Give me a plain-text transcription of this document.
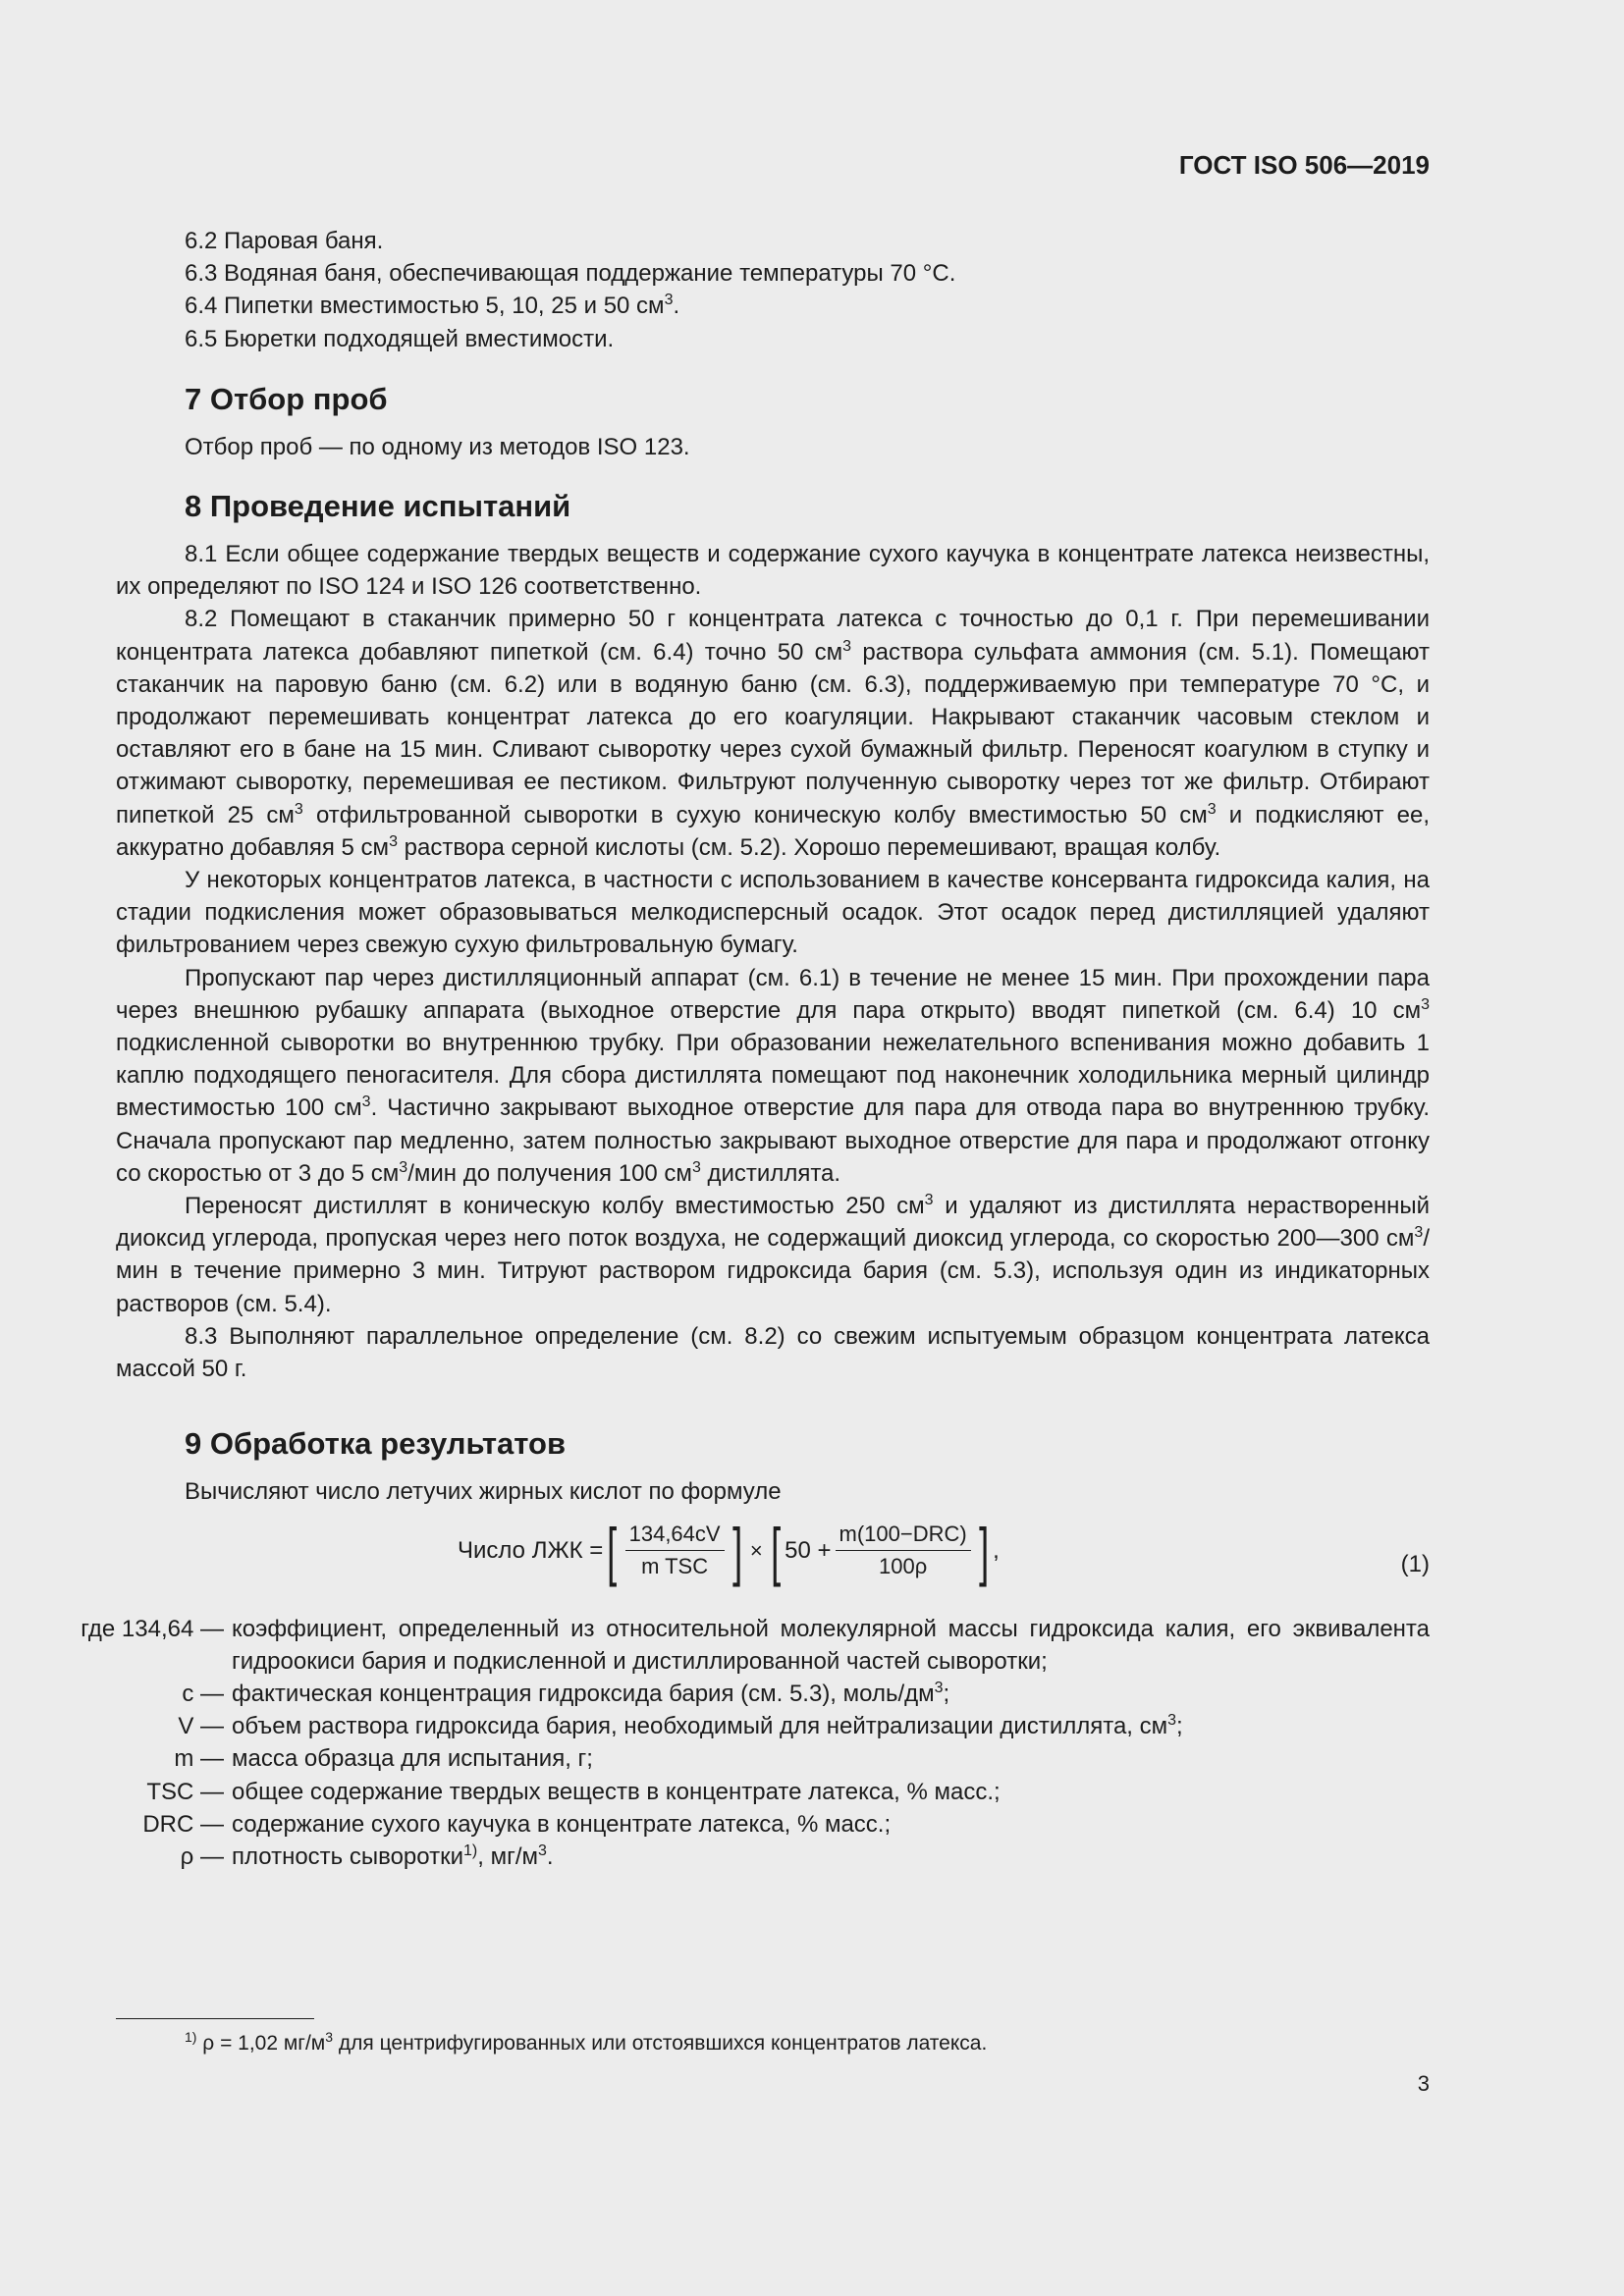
ГОСТ ISO 506—2019

6.2 Паровая баня.

6.3 Водяная баня, обеспечивающая поддержание температуры 70 °С.

6.4 Пипетки вместимостью 5, 10, 25 и 50 $см^3$.

6.5 Бюретки подходящей вместимости.

7 Отбор проб

Отбор проб — по одному из методов ISO 123.

8 Проведение испытаний

8.1 Если общее содержание твердых веществ и содержание сухого каучука в концентрате латекса неизвестны, их определяют по ISO 124 и ISO 126 соответственно.

8.2 Помещают в стаканчик примерно 50 г концентрата латекса с точностью до 0,1 г. При перемешивании концентрата латекса добавляют пипеткой (см. 6.4) точно 50 $см^3$ раствора сульфата аммония (см. 5.1). Помещают стаканчик на паровую баню (см. 6.2) или в водяную баню (см. 6.3), поддерживаемую при температуре 70 °С, и продолжают перемешивать концентрат латекса до его коагуляции. Накрывают стаканчик часовым стеклом и оставляют его в бане на 15 мин. Сливают сыворотку через сухой бумажный фильтр. Переносят коагулюм в ступку и отжимают сыворотку, перемешивая ее пестиком. Фильтруют полученную сыворотку через тот же фильтр. Отбирают пипеткой 25 $см^3$ отфильтрованной сыворотки в сухую коническую колбу вместимостью 50 $см^3$ и подкисляют ее, аккуратно добавляя 5 $см^3$ раствора серной кислоты (см. 5.2). Хорошо перемешивают, вращая колбу.

У некоторых концентратов латекса, в частности с использованием в качестве консерванта гидроксида калия, на стадии подкисления может образовываться мелкодисперсный осадок. Этот осадок перед дистилляцией удаляют фильтрованием через свежую сухую фильтровальную бумагу.

Пропускают пар через дистилляционный аппарат (см. 6.1) в течение не менее 15 мин. При прохождении пара через внешнюю рубашку аппарата (выходное отверстие для пара открыто) вводят пипеткой (см. 6.4) 10 $см^3$ подкисленной сыворотки во внутреннюю трубку. При образовании нежелательного вспенивания можно добавить 1 каплю подходящего пеногасителя. Для сбора дистиллята помещают под наконечник холодильника мерный цилиндр вместимостью 100 $см^3$. Частично закрывают выходное отверстие для пара для отвода пара во внутреннюю трубку. Сначала пропускают пар медленно, затем полностью закрывают выходное отверстие для пара и продолжают отгонку со скоростью от 3 до 5 $см^3$/мин до получения 100 $см^3$ дистиллята.

Переносят дистиллят в коническую колбу вместимостью 250 $см^3$ и удаляют из дистиллята нерастворенный диоксид углерода, пропуская через него поток воздуха, не содержащий диоксид углерода, со скоростью 200—300 $см^3$/мин в течение примерно 3 мин. Титруют раствором гидроксида бария (см. 5.3), используя один из индикаторных растворов (см. 5.4).

8.3 Выполняют параллельное определение (см. 8.2) со свежим испытуемым образцом концентрата латекса массой 50 г.

9 Обработка результатов

Вычисляют число летучих жирных кислот по формуле

Число ЛЖК = [ $\frac{134,64cV}{\text{m TSC}}$ ] × [ $50 + \frac{\text{m(100−DRC)}}{100\rho}$ ] ,
(1)
где 134,64 — коэффициент, определенный из относительной молекулярной массы гидроксида калия, его эквивалента гидроокиси бария и подкисленной и дистиллированной частей сыворотки;
c — фактическая концентрация гидроксида бария (см. 5.3), моль/$дм^3$;
V — объем раствора гидроксида бария, необходимый для нейтрализации дистиллята, $см^3$;
m — масса образца для испытания, г;
TSC — общее содержание твердых веществ в концентрате латекса, % масс.;
DRC — содержание сухого каучука в концентрате латекса, % масс.;
ρ — плотность сыворотки$^{1)}$, $мг/м^3$.
$^{1)}$ ρ = 1,02 $мг/м^3$ для центрифугированных или отстоявшихся концентратов латекса.
3
